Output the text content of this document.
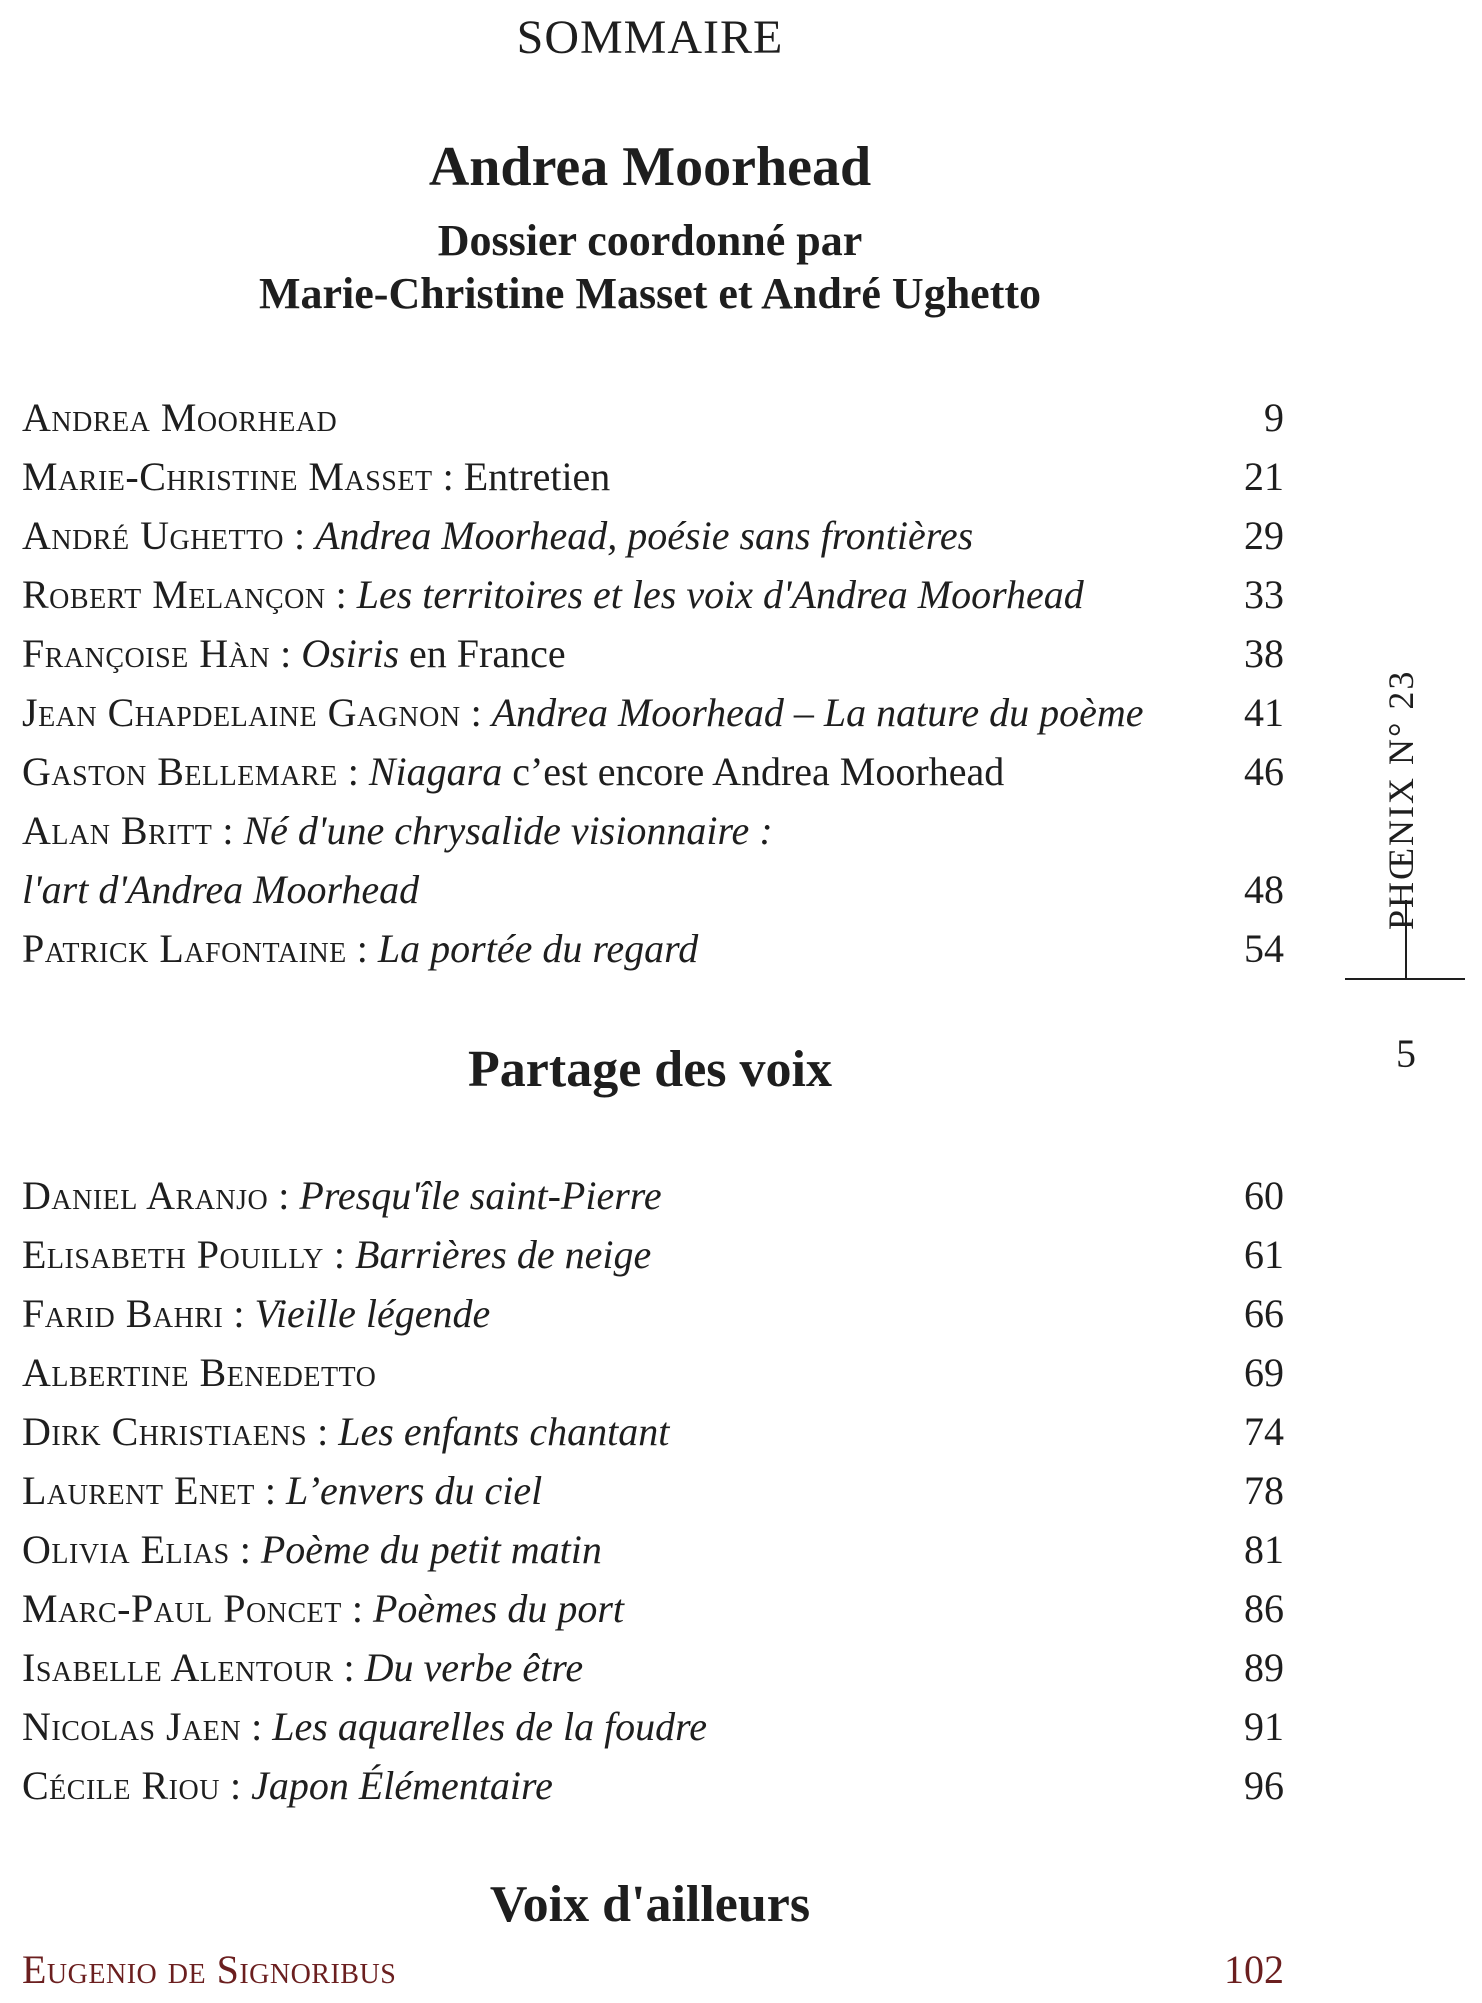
SOMMAIRE
Andrea Moorhead
Dossier coordonné par
Marie-Christine Masset et André Ughetto
Andrea Moorhead	9
Marie-Christine Masset : Entretien	21
André Ughetto : Andrea Moorhead, poésie sans frontières	29
Robert Melançon : Les territoires et les voix d'Andrea Moorhead	33
Françoise Hàn : Osiris en France	38
Jean Chapdelaine Gagnon : Andrea Moorhead – La nature du poème	41
Gaston Bellemare : Niagara c’est encore Andrea Moorhead	46
Alan Britt : Né d'une chrysalide visionnaire :
l'art d'Andrea Moorhead	48
Patrick Lafontaine : La portée du regard	54
Partage des voix
Daniel Aranjo : Presqu'île saint-Pierre	60
Elisabeth Pouilly : Barrières de neige	61
Farid Bahri : Vieille légende	66
Albertine Benedetto	69
Dirk Christiaens : Les enfants chantant	74
Laurent Enet : L’envers du ciel	78
Olivia Elias : Poème du petit matin	81
Marc-Paul Poncet : Poèmes du port	86
Isabelle Alentour : Du verbe être	89
Nicolas Jaen : Les aquarelles de la foudre	91
Cécile Riou : Japon Élémentaire	96
Voix d'ailleurs
Eugenio de Signoribus	102
PHŒNIX N° 23
5
